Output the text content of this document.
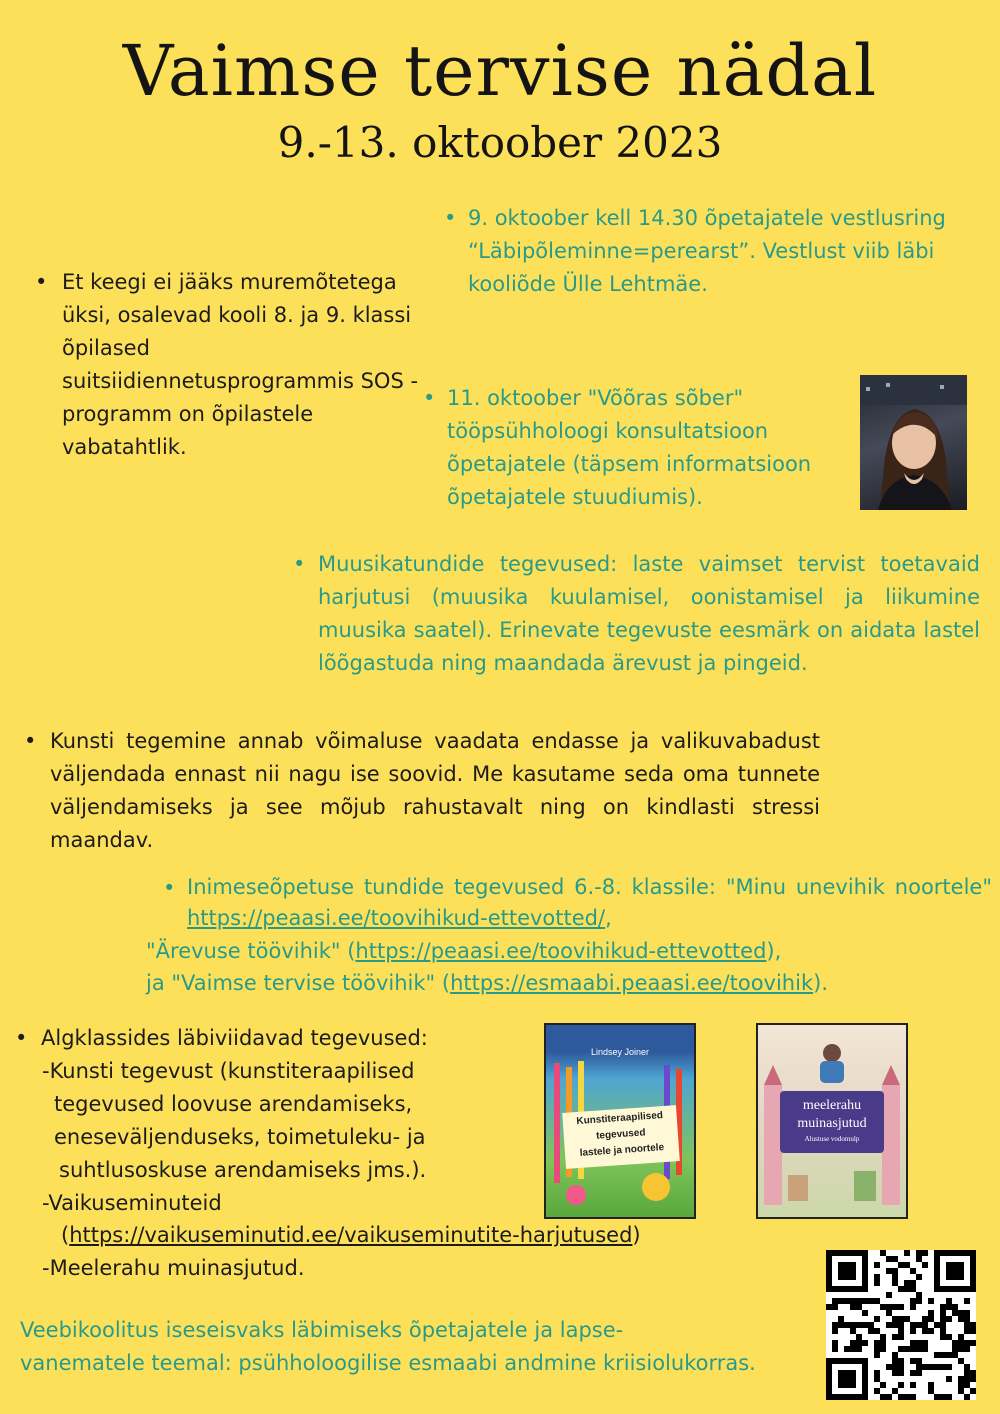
Vaimse tervise nädal
9.-13. oktoober 2023
• Et keegi ei jääks muremõtetega üksi, osalevad kooli 8. ja 9. klassi õpilased suitsiidiennetusprogrammis SOS - programm on õpilastele vabatahtlik.
• 9. oktoober kell 14.30 õpetajatele vestlusring “Läbipõleminne=perearst”. Vestlust viib läbi kooliõde Ülle Lehtmäe.
• 11. oktoober "Võõras sõber" tööpsühholoogi konsultatsioon õpetajatele (täpsem informatsioon õpetajatele stuudiumis).
• Muusikatundide tegevused: laste vaimset tervist toetavaid harjutusi (muusika kuulamisel, oonistamisel ja liikumine muusika saatel). Erinevate tegevuste eesmärk on aidata lastel lõõgastuda ning maandada ärevust ja pingeid.
• Kunsti tegemine annab võimaluse vaadata endasse ja valikuvabadust väljendada ennast nii nagu ise soovid. Me kasutame seda oma tunnete väljendamiseks ja see mõjub rahustavalt ning on kindlasti stressi maandav.
• Inimeseõpetuse tundide tegevused 6.-8. klassile: "Minu unevihik noortele" https://peaasi.ee/toovihikud-ettevotted/,
"Ärevuse töövihik" (https://peaasi.ee/toovihikud-ettevotted),
ja "Vaimse tervise töövihik" (https://esmaabi.peaasi.ee/toovihik).
• Algklassides läbiviidavad tegevused:
-Kunsti tegevust (kunstiteraapilised
tegevused loovuse arendamiseks,
eneseväljenduseks, toimetuleku- ja
suhtlusoskuse arendamiseks jms.).
-Vaikuseminuteid
(https://vaikuseminutid.ee/vaikuseminutite-harjutused)
-Meelerahu muinasjutud.
Lindsey Joiner
Kunstiteraapilised
tegevused
lastele ja noortele
meelerahu
muinasjutud
Alustuse vodomulp
Veebikoolitus iseseisvaks läbimiseks õpetajatele ja lapse-
vanematele teemal: psühholoogilise esmaabi andmine kriisiolukorras.
